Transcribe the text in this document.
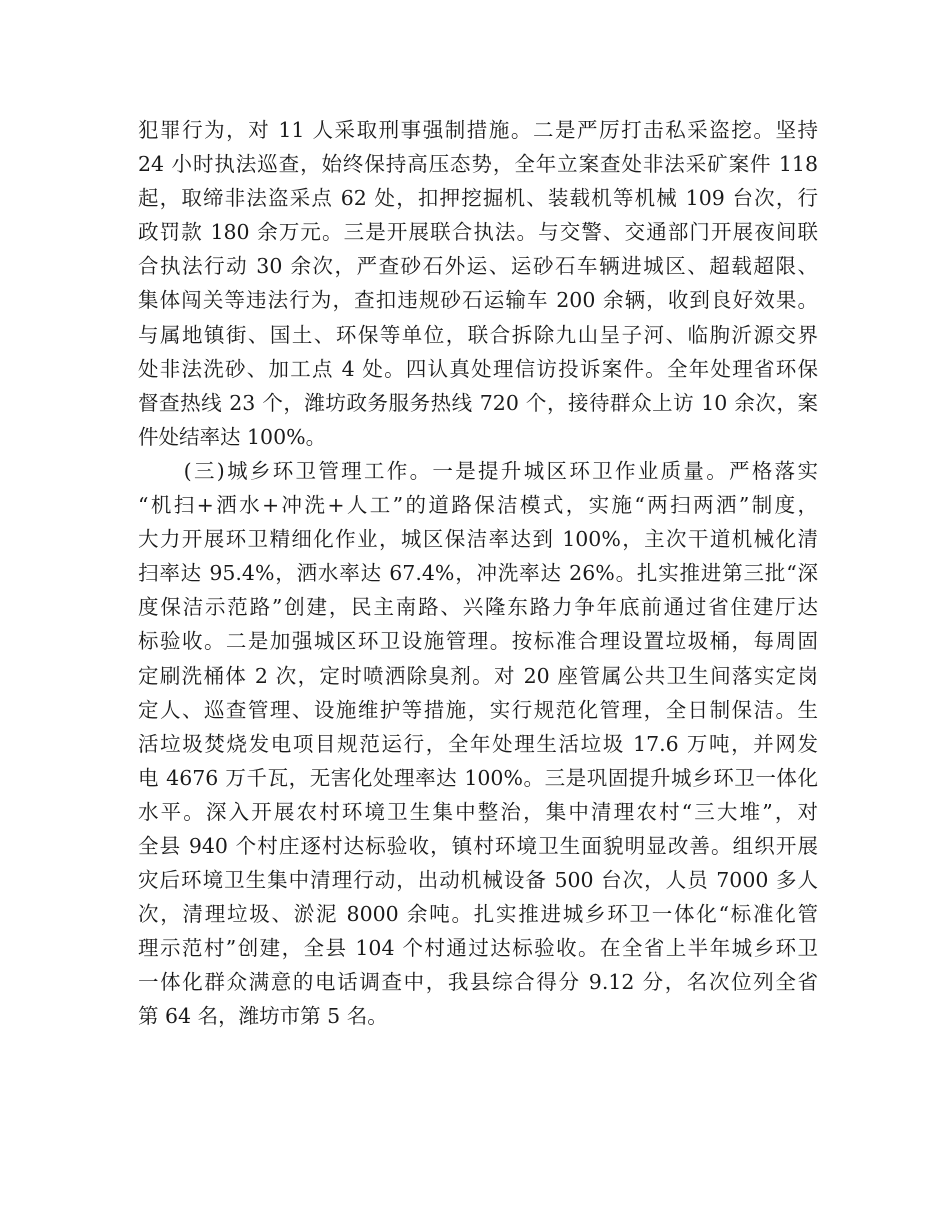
犯罪行为，对 11 人采取刑事强制措施。二是严厉打击私采盗挖。坚持
24 小时执法巡查，始终保持高压态势，全年立案查处非法采矿案件 118
起，取缔非法盗采点 62 处，扣押挖掘机、装载机等机械 109 台次，行
政罚款 180 余万元。三是开展联合执法。与交警、交通部门开展夜间联
合执法行动 30 余次，严查砂石外运、运砂石车辆进城区、超载超限、
集体闯关等违法行为，查扣违规砂石运输车 200 余辆，收到良好效果。
与属地镇街、国土、环保等单位，联合拆除九山呈子河、临朐沂源交界
处非法洗砂、加工点 4 处。四认真处理信访投诉案件。全年处理省环保
督查热线 23 个，潍坊政务服务热线 720 个，接待群众上访 10 余次，案
件处结率达 100%。
　　(三)城乡环卫管理工作。一是提升城区环卫作业质量。严格落实
“机扫+洒水+冲洗+人工”的道路保洁模式，实施“两扫两洒”制度，
大力开展环卫精细化作业，城区保洁率达到 100%，主次干道机械化清
扫率达 95.4%，洒水率达 67.4%，冲洗率达 26%。扎实推进第三批“深
度保洁示范路”创建，民主南路、兴隆东路力争年底前通过省住建厅达
标验收。二是加强城区环卫设施管理。按标准合理设置垃圾桶，每周固
定刷洗桶体 2 次，定时喷洒除臭剂。对 20 座管属公共卫生间落实定岗
定人、巡查管理、设施维护等措施，实行规范化管理，全日制保洁。生
活垃圾焚烧发电项目规范运行，全年处理生活垃圾 17.6 万吨，并网发
电 4676 万千瓦，无害化处理率达 100%。三是巩固提升城乡环卫一体化
水平。深入开展农村环境卫生集中整治，集中清理农村“三大堆”，对
全县 940 个村庄逐村达标验收，镇村环境卫生面貌明显改善。组织开展
灾后环境卫生集中清理行动，出动机械设备 500 台次，人员 7000 多人
次，清理垃圾、淤泥 8000 余吨。扎实推进城乡环卫一体化“标准化管
理示范村”创建，全县 104 个村通过达标验收。在全省上半年城乡环卫
一体化群众满意的电话调查中，我县综合得分 9.12 分，名次位列全省
第 64 名，潍坊市第 5 名。
